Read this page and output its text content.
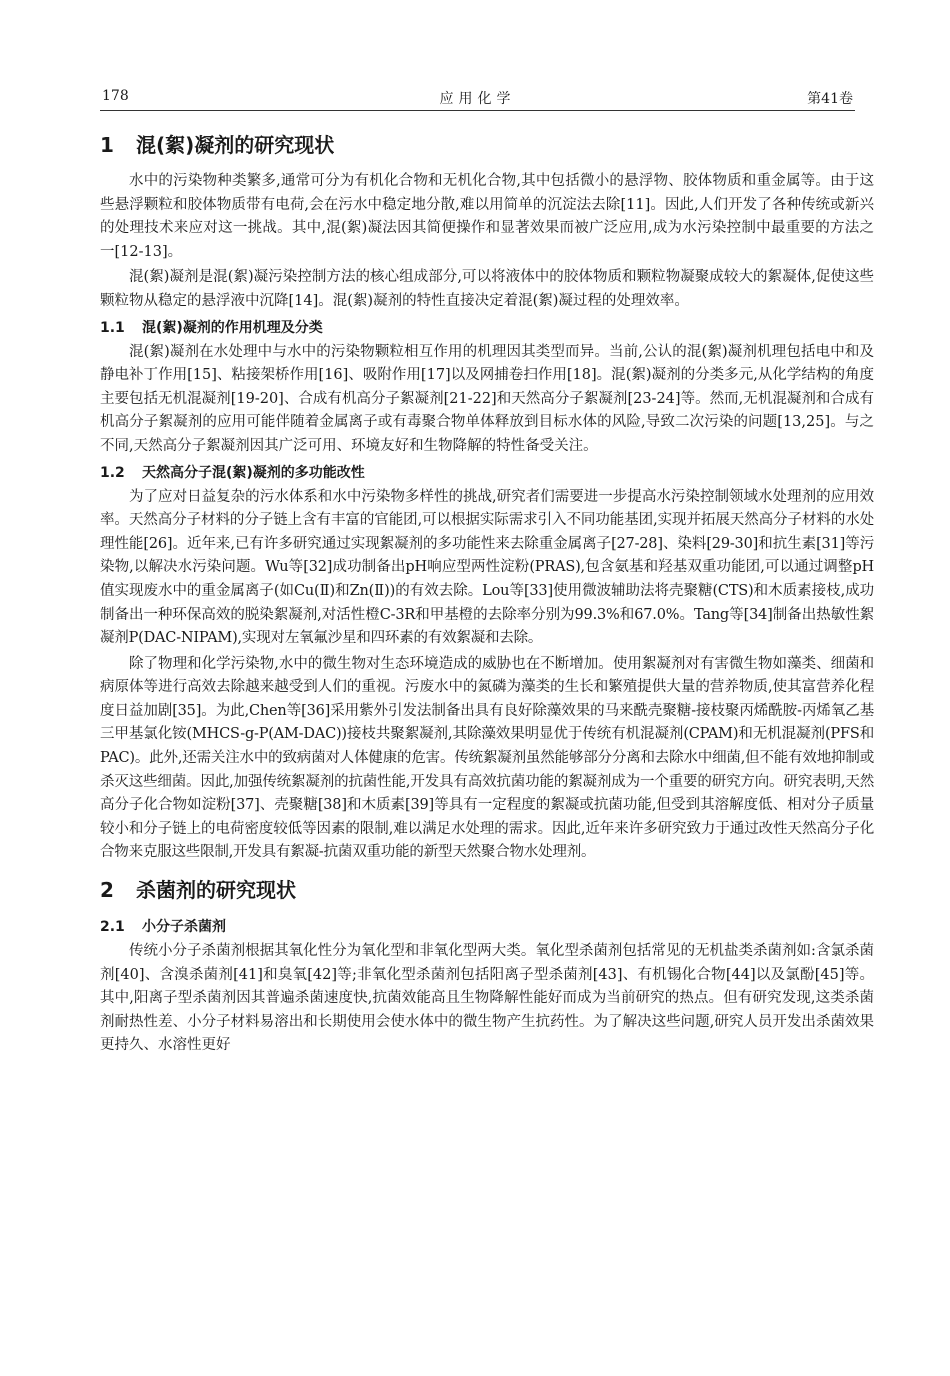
178	应用化学	第41卷
1 混(絮)凝剂的研究现状

水中的污染物种类繁多,通常可分为有机化合物和无机化合物,其中包括微小的悬浮物、胶体物质和重金属等。由于这些悬浮颗粒和胶体物质带有电荷,会在污水中稳定地分散,难以用简单的沉淀法去除[11]。因此,人们开发了各种传统或新兴的处理技术来应对这一挑战。其中,混(絮)凝法因其简便操作和显著效果而被广泛应用,成为水污染控制中最重要的方法之一[12-13]。

混(絮)凝剂是混(絮)凝污染控制方法的核心组成部分,可以将液体中的胶体物质和颗粒物凝聚成较大的絮凝体,促使这些颗粒物从稳定的悬浮液中沉降[14]。混(絮)凝剂的特性直接决定着混(絮)凝过程的处理效率。

1.1 混(絮)凝剂的作用机理及分类

混(絮)凝剂在水处理中与水中的污染物颗粒相互作用的机理因其类型而异。当前,公认的混(絮)凝剂机理包括电中和及静电补丁作用[15]、粘接架桥作用[16]、吸附作用[17]以及网捕卷扫作用[18]。混(絮)凝剂的分类多元,从化学结构的角度主要包括无机混凝剂[19-20]、合成有机高分子絮凝剂[21-22]和天然高分子絮凝剂[23-24]等。然而,无机混凝剂和合成有机高分子絮凝剂的应用可能伴随着金属离子或有毒聚合物单体释放到目标水体的风险,导致二次污染的问题[13,25]。与之不同,天然高分子絮凝剂因其广泛可用、环境友好和生物降解的特性备受关注。

1.2 天然高分子混(絮)凝剂的多功能改性

为了应对日益复杂的污水体系和水中污染物多样性的挑战,研究者们需要进一步提高水污染控制领域水处理剂的应用效率。天然高分子材料的分子链上含有丰富的官能团,可以根据实际需求引入不同功能基团,实现并拓展天然高分子材料的水处理性能[26]。近年来,已有许多研究通过实现絮凝剂的多功能性来去除重金属离子[27-28]、染料[29-30]和抗生素[31]等污染物,以解决水污染问题。Wu等[32]成功制备出pH响应型两性淀粉(PRAS),包含氨基和羟基双重功能团,可以通过调整pH值实现废水中的重金属离子(如Cu(Ⅱ)和Zn(Ⅱ))的有效去除。Lou等[33]使用微波辅助法将壳聚糖(CTS)和木质素接枝,成功制备出一种环保高效的脱染絮凝剂,对活性橙C-3R和甲基橙的去除率分别为99.3%和67.0%。Tang等[34]制备出热敏性絮凝剂P(DAC-NIPAM),实现对左氧氟沙星和四环素的有效絮凝和去除。

除了物理和化学污染物,水中的微生物对生态环境造成的威胁也在不断增加。使用絮凝剂对有害微生物如藻类、细菌和病原体等进行高效去除越来越受到人们的重视。污废水中的氮磷为藻类的生长和繁殖提供大量的营养物质,使其富营养化程度日益加剧[35]。为此,Chen等[36]采用紫外引发法制备出具有良好除藻效果的马来酰壳聚糖-接枝聚丙烯酰胺-丙烯氧乙基三甲基氯化铵(MHCS-g-P(AM-DAC))接枝共聚絮凝剂,其除藻效果明显优于传统有机混凝剂(CPAM)和无机混凝剂(PFS和PAC)。此外,还需关注水中的致病菌对人体健康的危害。传统絮凝剂虽然能够部分分离和去除水中细菌,但不能有效地抑制或杀灭这些细菌。因此,加强传统絮凝剂的抗菌性能,开发具有高效抗菌功能的絮凝剂成为一个重要的研究方向。研究表明,天然高分子化合物如淀粉[37]、壳聚糖[38]和木质素[39]等具有一定程度的絮凝或抗菌功能,但受到其溶解度低、相对分子质量较小和分子链上的电荷密度较低等因素的限制,难以满足水处理的需求。因此,近年来许多研究致力于通过改性天然高分子化合物来克服这些限制,开发具有絮凝-抗菌双重功能的新型天然聚合物水处理剂。

2 杀菌剂的研究现状
2.1 小分子杀菌剂

传统小分子杀菌剂根据其氧化性分为氧化型和非氧化型两大类。氧化型杀菌剂包括常见的无机盐类杀菌剂如:含氯杀菌剂[40]、含溴杀菌剂[41]和臭氧[42]等;非氧化型杀菌剂包括阳离子型杀菌剂[43]、有机锡化合物[44]以及氯酚[45]等。其中,阳离子型杀菌剂因其普遍杀菌速度快,抗菌效能高且生物降解性能好而成为当前研究的热点。但有研究发现,这类杀菌剂耐热性差、小分子材料易溶出和长期使用会使水体中的微生物产生抗药性。为了解决这些问题,研究人员开发出杀菌效果更持久、水溶性更好
